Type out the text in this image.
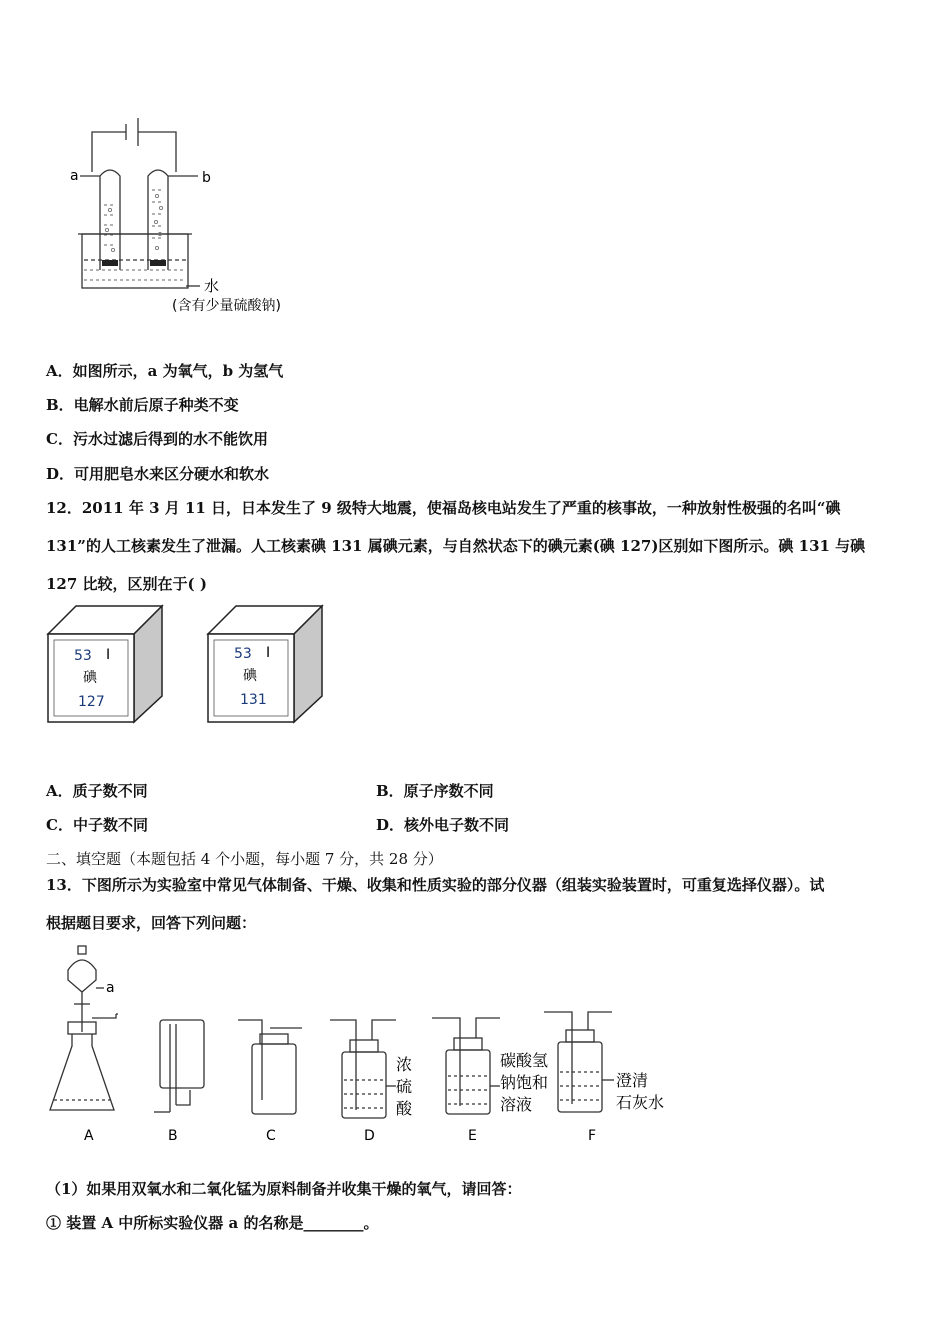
a	b
水
(含有少量硫酸钠)
A．如图所示，a 为氧气，b 为氢气
B．电解水前后原子种类不变
C．污水过滤后得到的水不能饮用
D．可用肥皂水来区分硬水和软水
12．2011 年 3 月 11 日，日本发生了 9 级特大地震，使福岛核电站发生了严重的核事故，一种放射性极强的名叫“碘
131”的人工核素发生了泄漏。人工核素碘 131 属碘元素，与自然状态下的碘元素(碘 127)区别如下图所示。碘 131 与碘
127 比较，区别在于( )
53 I
碘
127
53 I
碘
131
A．质子数不同	B．原子序数不同
C．中子数不同	D．核外电子数不同
二、填空题（本题包括 4 个小题，每小题 7 分，共 28 分）
13．下图所示为实验室中常见气体制备、干燥、收集和性质实验的部分仪器（组装实验装置时，可重复选择仪器）。试
根据题目要求，回答下列问题：
a
浓
硫
酸
碳酸氢
钠饱和
溶液
澄清
石灰水
A	B	C	D	E	F
（1）如果用双氧水和二氧化锰为原料制备并收集干燥的氧气，请回答：
① 装置 A 中所标实验仪器 a 的名称是________。
